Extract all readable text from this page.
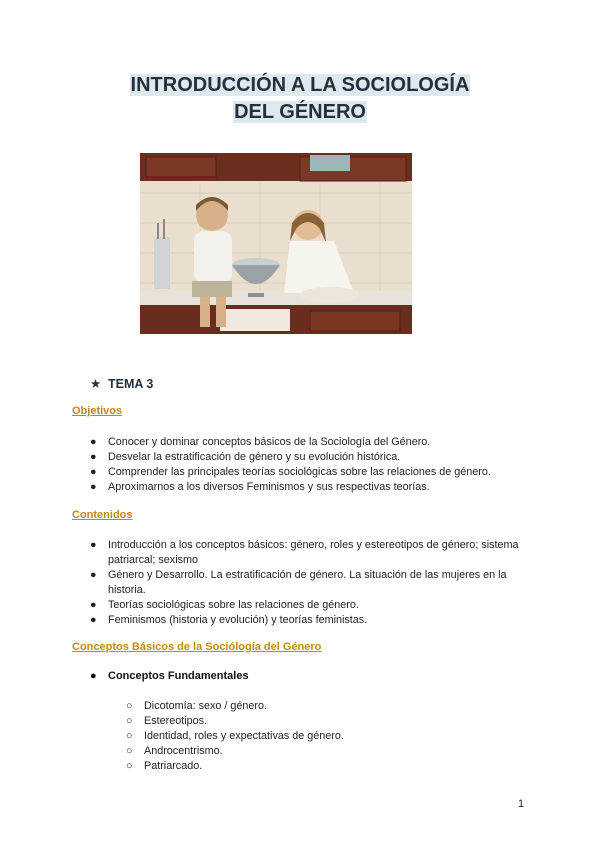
INTRODUCCIÓN A LA SOCIOLOGÍA
DEL GÉNERO
★ TEMA 3
Objetivos
●	Conocer y dominar conceptos básicos de la Sociología del Género.
●	Desvelar la estratificación de género y su evolución histórica.
●	Comprender las principales teorías sociológicas sobre las relaciones de género.
●	Aproximarnos a los diversos Feminismos y sus respectivas teorías.
Contenidos
●	Introducción a los conceptos básicos: género, roles y estereotipos de género; sistema patriarcal; sexismo
●	Género y Desarrollo. La estratificación de género. La situación de las mujeres en la historia.
●	Teorías sociológicas sobre las relaciones de género.
●	Feminismos (historia y evolución) y teorías feministas.
Conceptos Básicos de la Sociólogía del Género
● Conceptos Fundamentales
○	Dicotomía: sexo / género.
○	Estereotipos.
○	Identidad, roles y expectativas de género.
○	Androcentrismo.
○	Patriarcado.
1
